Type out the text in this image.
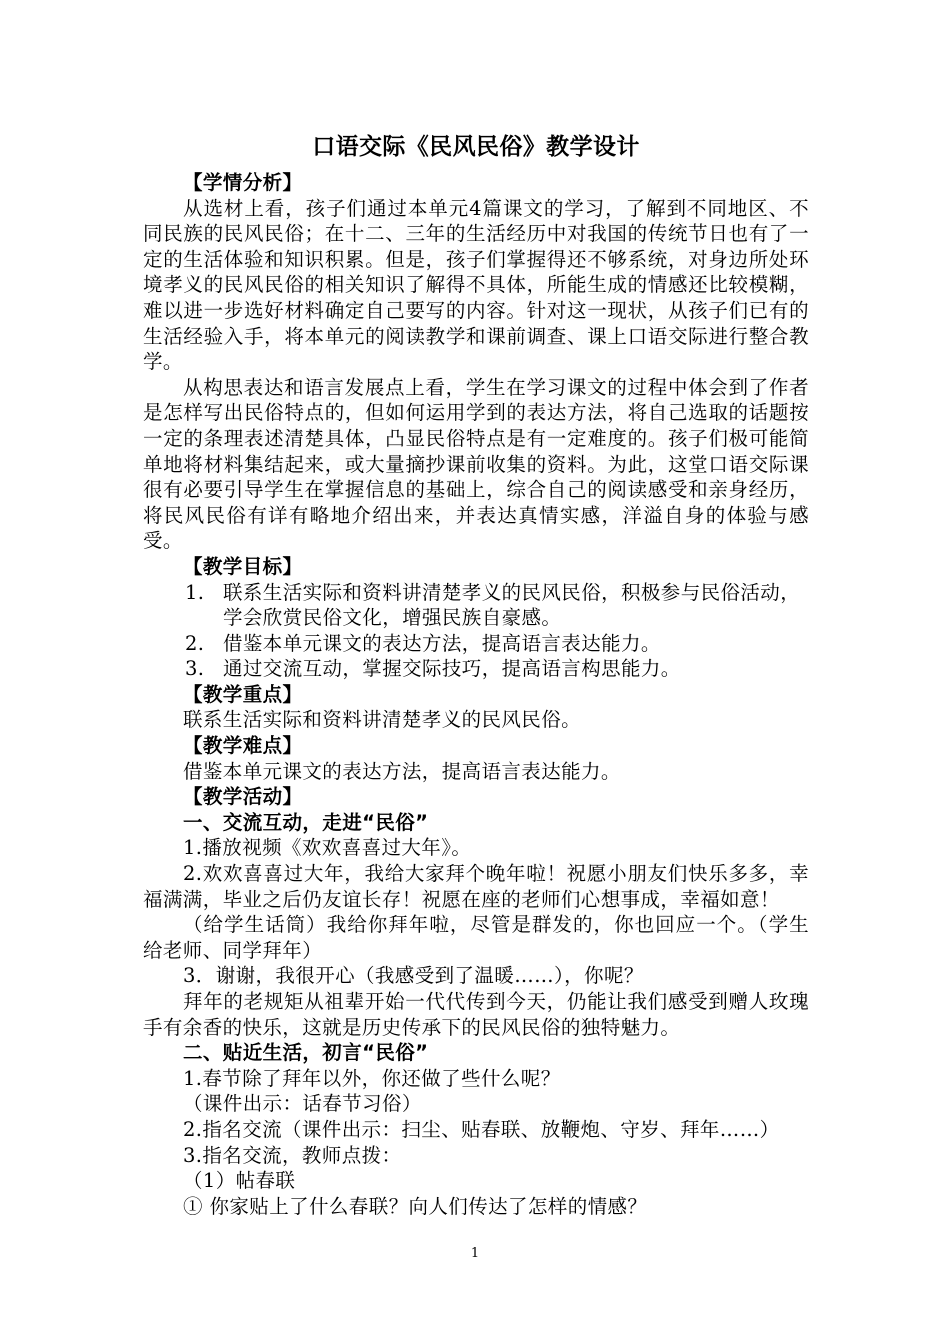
口语交际《民风民俗》教学设计

【学情分析】

从选材上看，孩子们通过本单元4篇课文的学习，了解到不同地区、不同民族的民风民俗；在十二、三年的生活经历中对我国的传统节日也有了一定的生活体验和知识积累。但是，孩子们掌握得还不够系统，对身边所处环境孝义的民风民俗的相关知识了解得不具体，所能生成的情感还比较模糊，难以进一步选好材料确定自己要写的内容。针对这一现状，从孩子们已有的生活经验入手，将本单元的阅读教学和课前调查、课上口语交际进行整合教学。

从构思表达和语言发展点上看，学生在学习课文的过程中体会到了作者是怎样写出民俗特点的，但如何运用学到的表达方法，将自己选取的话题按一定的条理表述清楚具体，凸显民俗特点是有一定难度的。孩子们极可能简单地将材料集结起来，或大量摘抄课前收集的资料。为此，这堂口语交际课很有必要引导学生在掌握信息的基础上，综合自己的阅读感受和亲身经历，将民风民俗有详有略地介绍出来，并表达真情实感，洋溢自身的体验与感受。

【教学目标】

1. 联系生活实际和资料讲清楚孝义的民风民俗，积极参与民俗活动，学会欣赏民俗文化，增强民族自豪感。
2. 借鉴本单元课文的表达方法，提高语言表达能力。
3. 通过交流互动，掌握交际技巧，提高语言构思能力。

【教学重点】

联系生活实际和资料讲清楚孝义的民风民俗。

【教学难点】

借鉴本单元课文的表达方法，提高语言表达能力。

【教学活动】

一、交流互动，走进“民俗”

1.播放视频《欢欢喜喜过大年》。

2.欢欢喜喜过大年，我给大家拜个晚年啦！祝愿小朋友们快乐多多，幸福满满，毕业之后仍友谊长存！祝愿在座的老师们心想事成，幸福如意！

（给学生话筒）我给你拜年啦，尽管是群发的，你也回应一个。（学生给老师、同学拜年）

3．谢谢，我很开心（我感受到了温暖……），你呢？

拜年的老规矩从祖辈开始一代代传到今天，仍能让我们感受到赠人玫瑰手有余香的快乐，这就是历史传承下的民风民俗的独特魅力。

二、贴近生活，初言“民俗”

1.春节除了拜年以外，你还做了些什么呢？

（课件出示：话春节习俗）

2.指名交流（课件出示：扫尘、贴春联、放鞭炮、守岁、拜年……）

3.指名交流，教师点拨：

（1）帖春联

① 你家贴上了什么春联？向人们传达了怎样的情感？

1
